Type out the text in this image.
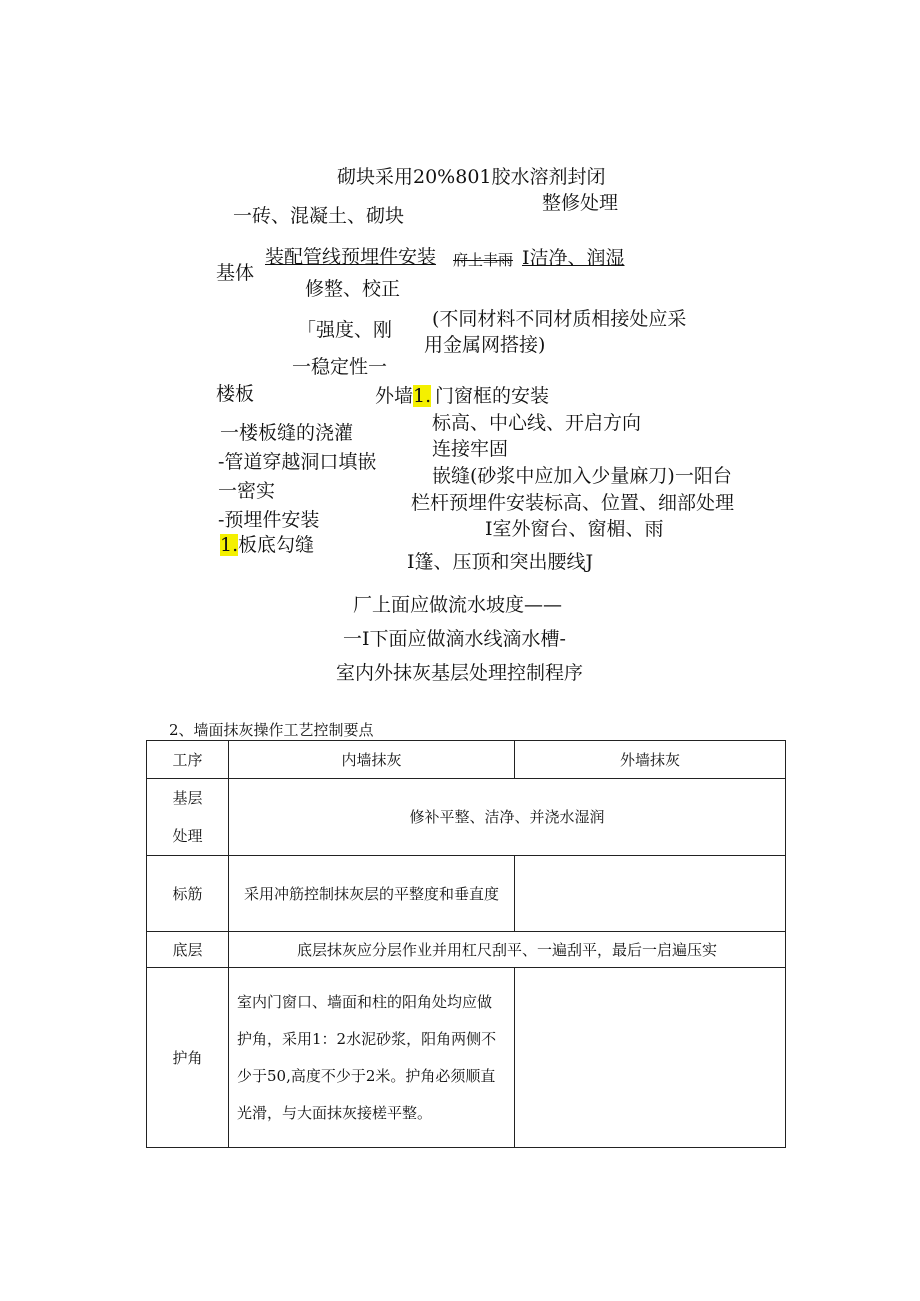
砌块采用20%801胶水溶剂封闭
一砖、混凝土、砌块
整修处理
基体
装配管线预埋件安装 府上丰雨 I洁净、润湿
修整、校正
「强度、刚 (不同材料不同材质相接处应采
用金属网搭接)
一稳定性一
楼板	外墙 1. 门窗框的安装
一楼板缝的浇灌	标高、中心线、开启方向
连接牢固
-管道穿越洞口填嵌
嵌缝(砂浆中应加入少量麻刀)一阳台
一密实
栏杆预埋件安装标高、位置、细部处理
-预埋件安装	I室外窗台、窗楣、雨
1. 板底勾缝
I篷、压顶和突出腰线J
厂上面应做流水坡度——
一I下面应做滴水线滴水槽-
室内外抹灰基层处理控制程序
2、墙面抹灰操作工艺控制要点
工序	内墙抹灰	外墙抹灰
基层处理	修补平整、洁净、并浇水湿润	
标筋	采用冲筋控制抹灰层的平整度和垂直度	
底层	底层抹灰应分层作业并用杠尺刮平、一遍刮平，最后一启遍压实	
护角	室内门窗口、墙面和柱的阳角处均应做护角，采用1：2水泥砂浆，阳角两侧不少于50,高度不少于2米。护角必须顺直光滑，与大面抹灰接槎平整。	
